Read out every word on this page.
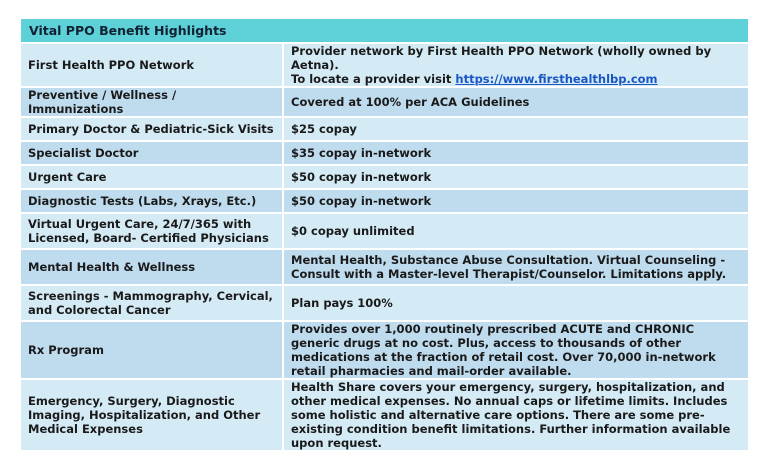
Vital PPO Benefit Highlights	
First Health PPO Network	Provider network by First Health PPO Network (wholly owned by Aetna).
To locate a provider visit https://www.firsthealthlbp.com
Preventive / Wellness / Immunizations	Covered at 100% per ACA Guidelines
Primary Doctor & Pediatric-Sick Visits	$25 copay
Specialist Doctor	$35 copay in-network
Urgent Care	$50 copay in-network
Diagnostic Tests (Labs, Xrays, Etc.)	$50 copay in-network
Virtual Urgent Care, 24/7/365 with Licensed, Board- Certified Physicians	$0 copay unlimited
Mental Health & Wellness	Mental Health, Substance Abuse Consultation. Virtual Counseling - Consult with a Master-level Therapist/Counselor. Limitations apply.
Screenings - Mammography, Cervical, and Colorectal Cancer	Plan pays 100%
Rx Program	Provides over 1,000 routinely prescribed ACUTE and CHRONIC generic drugs at no cost. Plus, access to thousands of other medications at the fraction of retail cost. Over 70,000 in-network retail pharmacies and mail-order available.
Emergency, Surgery, Diagnostic Imaging, Hospitalization, and Other Medical Expenses	Health Share covers your emergency, surgery, hospitalization, and other medical expenses. No annual caps or lifetime limits. Includes some holistic and alternative care options. There are some pre-existing condition benefit limitations. Further information available upon request.
